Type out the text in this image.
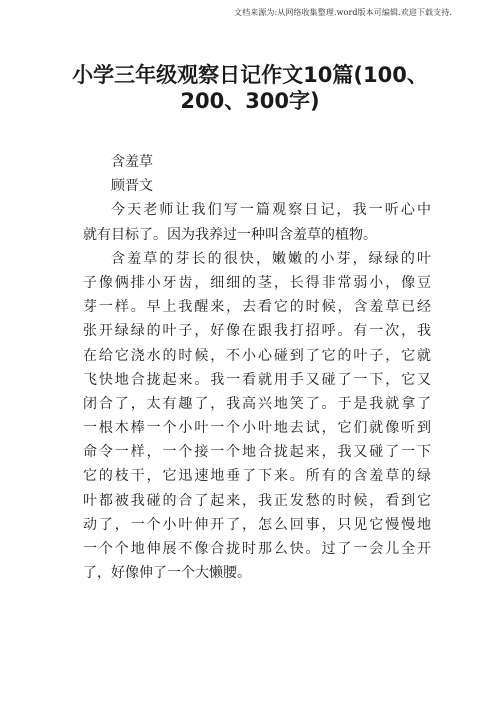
文档来源为:从网络收集整理.word版本可编辑.欢迎下载支持.
小学三年级观察日记作文10篇(100、
200、300字)
含羞草
顾晋文
今天老师让我们写一篇观察日记，我一听心中
就有目标了。因为我养过一种叫含羞草的植物。
含羞草的芽长的很快，嫩嫩的小芽，绿绿的叶
子像俩排小牙齿，细细的茎，长得非常弱小，像豆
芽一样。早上我醒来，去看它的时候，含羞草已经
张开绿绿的叶子，好像在跟我打招呼。有一次，我
在给它浇水的时候，不小心碰到了它的叶子，它就
飞快地合拢起来。我一看就用手又碰了一下，它又
闭合了，太有趣了，我高兴地笑了。于是我就拿了
一根木棒一个小叶一个小叶地去试，它们就像听到
命令一样，一个接一个地合拢起来，我又碰了一下
它的枝干，它迅速地垂了下来。所有的含羞草的绿
叶都被我碰的合了起来，我正发愁的时候，看到它
动了，一个小叶伸开了，怎么回事，只见它慢慢地
一个个地伸展不像合拢时那么快。过了一会儿全开
了，好像伸了一个大懒腰。
